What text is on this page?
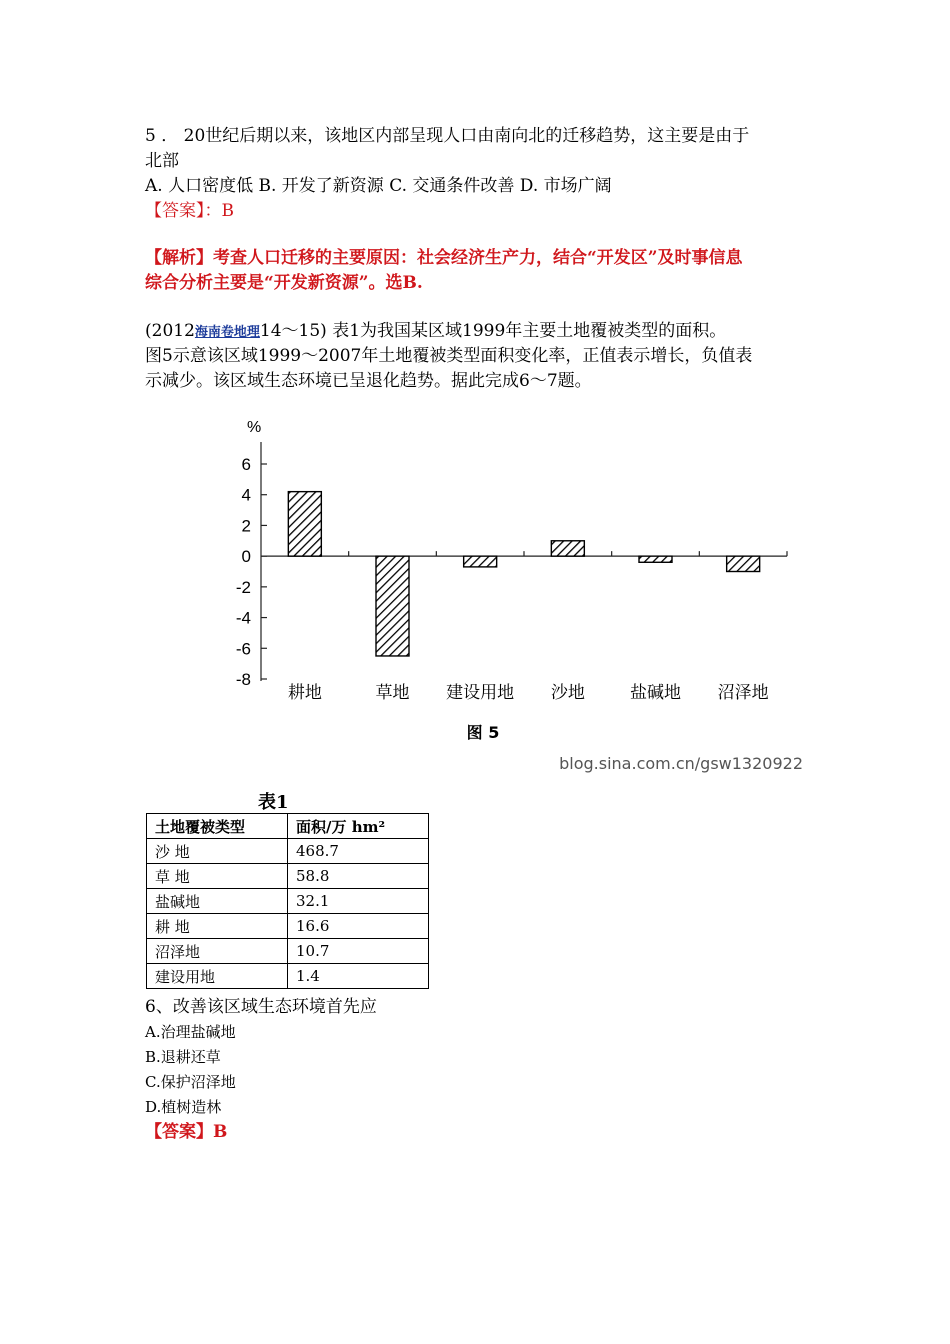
5 ． 20世纪后期以来，该地区内部呈现人口由南向北的迁移趋势，这主要是由于
北部
A. 人口密度低 B. 开发了新资源 C. 交通条件改善 D. 市场广阔
【答案】：B
【解析】考查人口迁移的主要原因：社会经济生产力，结合“开发区”及时事信息
综合分析主要是“开发新资源”。选B.
(2012海南卷地理14～15) 表1为我国某区域1999年主要土地覆被类型的面积。
图5示意该区域1999～2007年土地覆被类型面积变化率，正值表示增长，负值表
示减少。该区域生态环境已呈退化趋势。据此完成6～7题。
%
6
4
2
0
-2
-4
-6
-8
耕地	草地 建设用地 沙地	盐碱地 沼泽地
图 5
blog.sina.com.cn/gsw1320922
表1
土地覆被类型	面积/万 hm²
沙 地	468.7
草 地	58.8
盐碱地	32.1
耕 地	16.6
沼泽地	10.7
建设用地	1.4
6、改善该区域生态环境首先应
A.治理盐碱地
B.退耕还草
C.保护沼泽地
D.植树造林
【答案】B
